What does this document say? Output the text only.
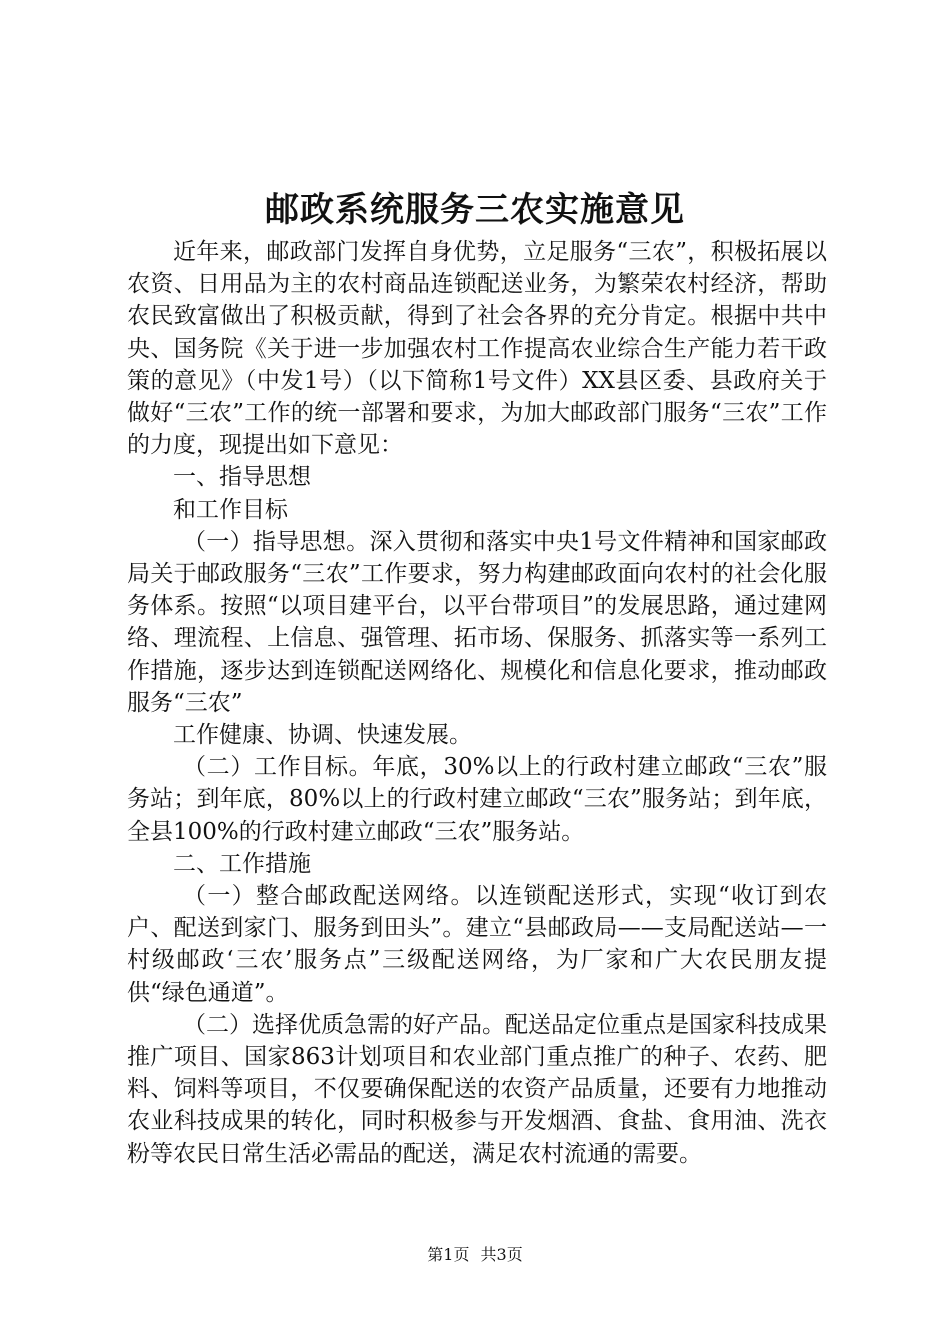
邮政系统服务三农实施意见

近年来，邮政部门发挥自身优势，立足服务“三农”，积极拓展以农资、日用品为主的农村商品连锁配送业务，为繁荣农村经济，帮助农民致富做出了积极贡献，得到了社会各界的充分肯定。根据中共中央、国务院《关于进一步加强农村工作提高农业综合生产能力若干政策的意见》（中发1号）（以下简称1号文件）XX县区委、县政府关于做好“三农”工作的统一部署和要求，为加大邮政部门服务“三农”工作的力度，现提出如下意见：

一、指导思想

和工作目标

（一）指导思想。深入贯彻和落实中央1号文件精神和国家邮政局关于邮政服务“三农”工作要求，努力构建邮政面向农村的社会化服务体系。按照“以项目建平台，以平台带项目”的发展思路，通过建网络、理流程、上信息、强管理、拓市场、保服务、抓落实等一系列工作措施，逐步达到连锁配送网络化、规模化和信息化要求，推动邮政服务“三农”

工作健康、协调、快速发展。

（二）工作目标。年底，30%以上的行政村建立邮政“三农”服务站；到年底，80%以上的行政村建立邮政“三农”服务站；到年底，全县100%的行政村建立邮政“三农”服务站。

二、工作措施

（一）整合邮政配送网络。以连锁配送形式，实现“收订到农户、配送到家门、服务到田头”。建立“县邮政局——支局配送站—一村级邮政‘三农’服务点”三级配送网络，为厂家和广大农民朋友提供“绿色通道”。

（二）选择优质急需的好产品。配送品定位重点是国家科技成果推广项目、国家863计划项目和农业部门重点推广的种子、农药、肥料、饲料等项目，不仅要确保配送的农资产品质量，还要有力地推动农业科技成果的转化，同时积极参与开发烟酒、食盐、食用油、洗衣粉等农民日常生活必需品的配送，满足农村流通的需要。

第1页 共3页
